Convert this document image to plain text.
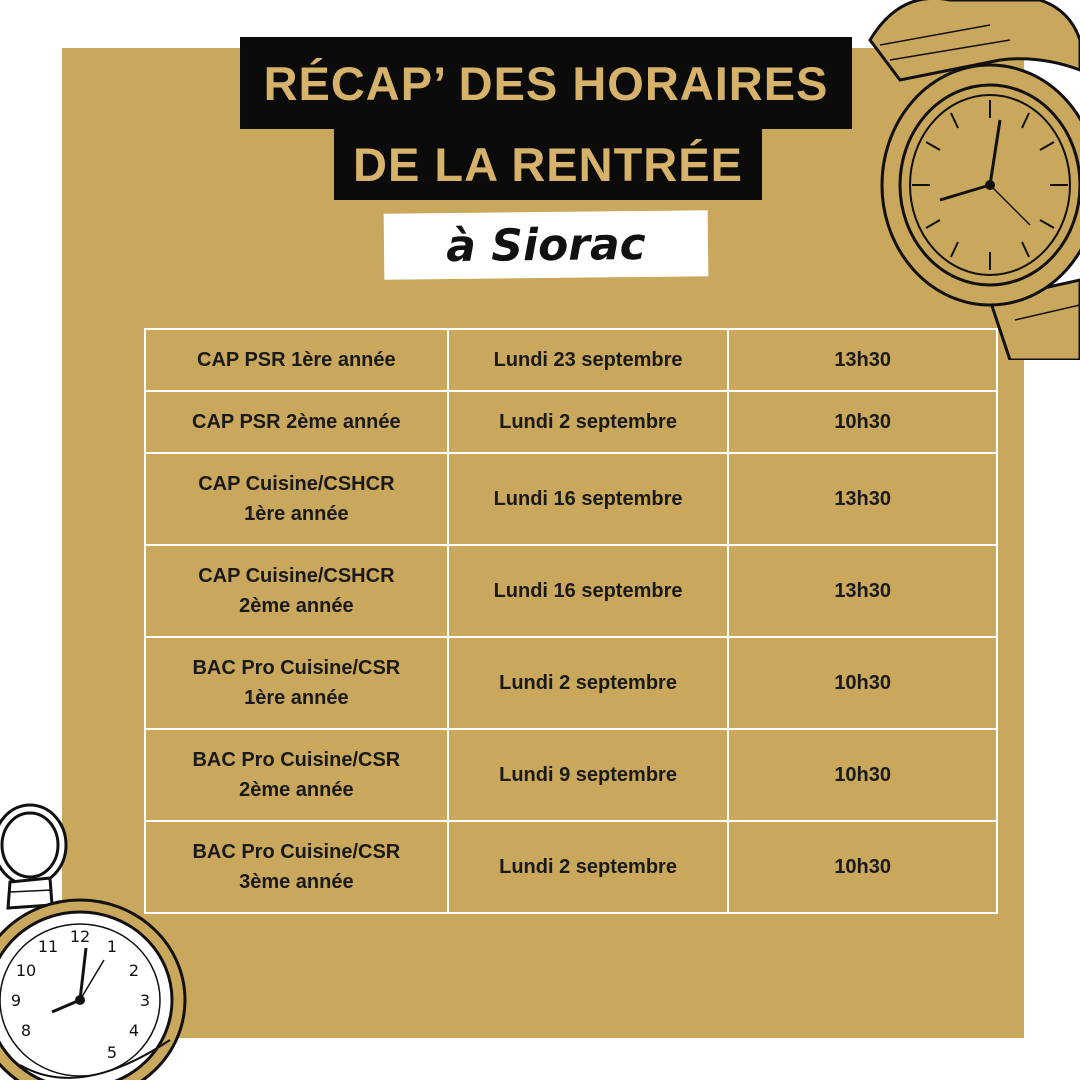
12
1
2
3
4
5
11
10
9
8
RÉCAP’ DES HORAIRES
DE LA RENTRÉE
à Siorac
CAP PSR 1ère année	Lundi 23 septembre	13h30

CAP PSR 2ème année	Lundi 2 septembre	10h30

CAP Cuisine/CSHCR
1ère année	Lundi 16 septembre	13h30

CAP Cuisine/CSHCR
2ème année	Lundi 16 septembre	13h30

BAC Pro Cuisine/CSR
1ère année	Lundi 2 septembre	10h30

BAC Pro Cuisine/CSR
2ème année	Lundi 9 septembre	10h30

BAC Pro Cuisine/CSR
3ème année	Lundi 2 septembre	10h30
